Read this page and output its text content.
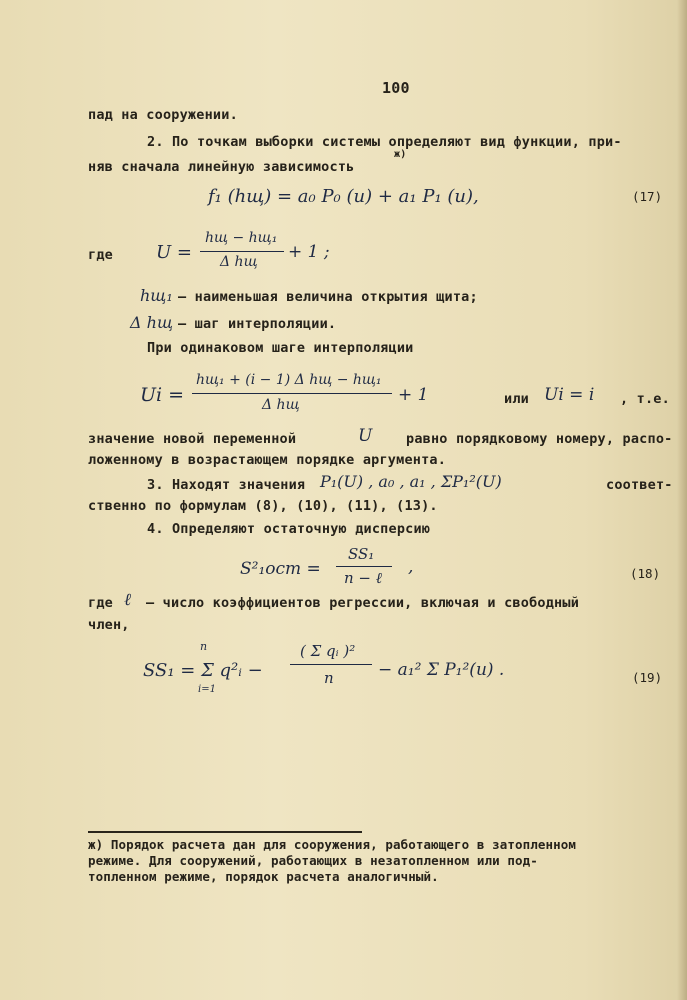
100
пад на сооружении.
2. По точкам выборки системы определяют вид функции, при-
няв сначала линейную зависимость
ж)
f₁ (hщ) = a₀ P₀ (u) + a₁ P₁ (u),	(17)
где U =
hщ − hщ₁
Δ hщ + 1 ;
hщ₁ – наименьшая величина открытия щита;
Δ hщ – шаг интерполяции.
При одинаковом шаге интерполяции
Ui =
hщ₁ + (i − 1) Δ hщ − hщ₁
Δ hщ	+ 1	или Ui = i , т.е.
значение новой переменной	U равно порядковому номеру, распо-
ложенному в возрастающем порядке аргумента.
3. Находят значения P₁(U) , a₀ , a₁ , ΣP₁²(U)	соответ-
ственно по формулам (8), (10), (11), (13).
4. Определяют остаточную дисперсию
S²₁ост =
SS₁
n − ℓ
,	(18)
где ℓ – число коэффициентов регрессии, включая и свободный
член,
n
SS₁ = Σ q²ᵢ −
i=1
( Σ qᵢ )²
n	− a₁² Σ P₁²(u) .	(19)
ж) Порядок расчета дан для сооружения, работающего в затопленном
режиме. Для сооружений, работающих в незатопленном или под-
топленном режиме, порядок расчета аналогичный.
